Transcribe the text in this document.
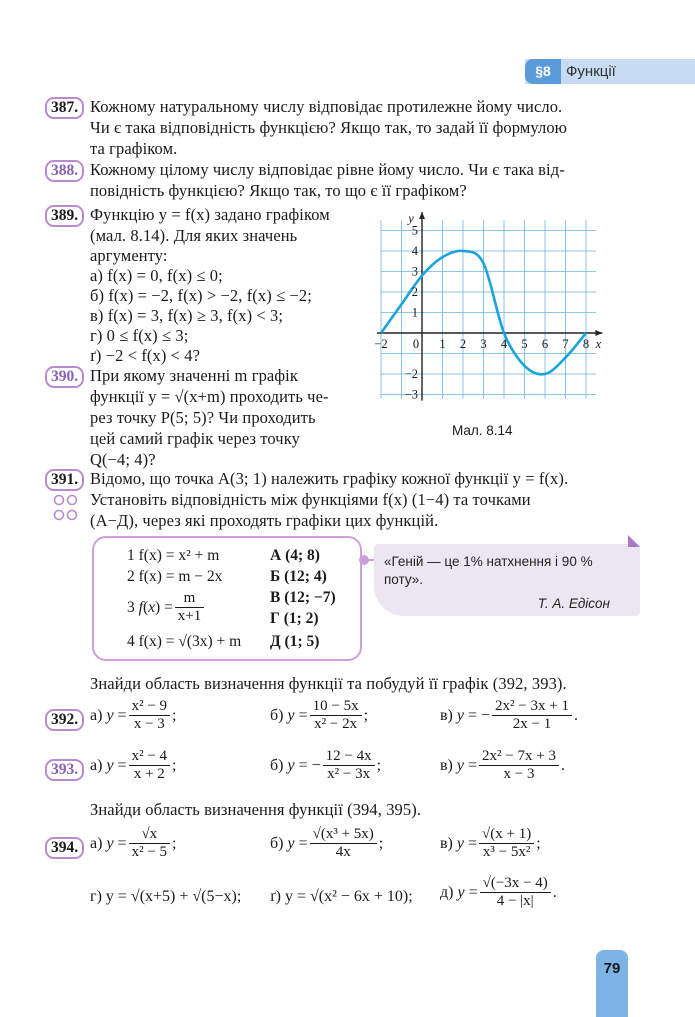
§8	Функції
387. Кожному натуральному числу відповідає протилежне йому число.
Чи є така відповідність функцією? Якщо так, то задай її формулою
та графіком.
388. Кожному цілому числу відповідає рівне йому число. Чи є така від-
повідність функцією? Якщо так, то що є її графіком?
389. Функцію y = f(x) задано графіком
(мал. 8.14). Для яких значень
аргументу:
а) f(x) = 0, f(x) ≤ 0;
б) f(x) = −2, f(x) > −2, f(x) ≤ −2;
в) f(x) = 3, f(x) ≥ 3, f(x) < 3;
г) 0 ≤ f(x) ≤ 3;
ґ) −2 < f(x) < 4?
390. При якому значенні m графік
функції y = √(x+m) проходить че-
рез точку P(5; 5)? Чи проходить
цей самий графік через точку
Q(−4; 4)?
−2 0 1 2 3 4 5 6 7 8
5
4
3
2
1
−2
−3
x
y
Мал. 8.14
391. Відомо, що точка A(3; 1) належить графіку кожної функції y = f(x).
Установіть відповідність між функціями f(x) (1−4) та точками
(А−Д), через які проходять графіки цих функцій.
1 f(x) = x² + m
2 f(x) = m − 2x
3 $f(x) = \frac{m}{x+1}$
4 f(x) = √(3x) + m
А (4; 8)
Б (12; 4)
В (12; −7)
Г (1; 2)
Д (1; 5)
«Геній — це 1% натхнення і 90 %
поту».
Т. А. Едісон
Знайди область визначення функції та побудуй її графік (392, 393).
392. а)
$y = \frac{\text{x² − 9}}{x - 3}$ ;	б)
$y = \frac{10 - 5x}{\text{x² − 2x}}$ ;	в)
y = − $\frac{\text{2x² − 3x + 1}}{2x - 1}$ .
393. а)
$y = \frac{\text{x² − 4}}{x + 2}$ ;	б)
y = − $\frac{12 - 4x}{\text{x² − 3x}}$ ;	в)
$y = \frac{\text{2x² − 7x + 3}}{x - 3}$ .
Знайди область визначення функції (394, 395).
394. а)
$y = \frac{√x}{\text{x² − 5}}$ ;	б)
$y = \frac{\text{√(x³ + 5x)}}{4x}$ ;	в)
$y = \frac{√(x + 1)}{\text{x³ − 5x²}}$ ;
г)
y = √(x+5) + √(5−x); ґ)
y = √(x² − 6x + 10); д)
$y = \frac{√(-3x - 4)}{4 - |x|}$ .
79
